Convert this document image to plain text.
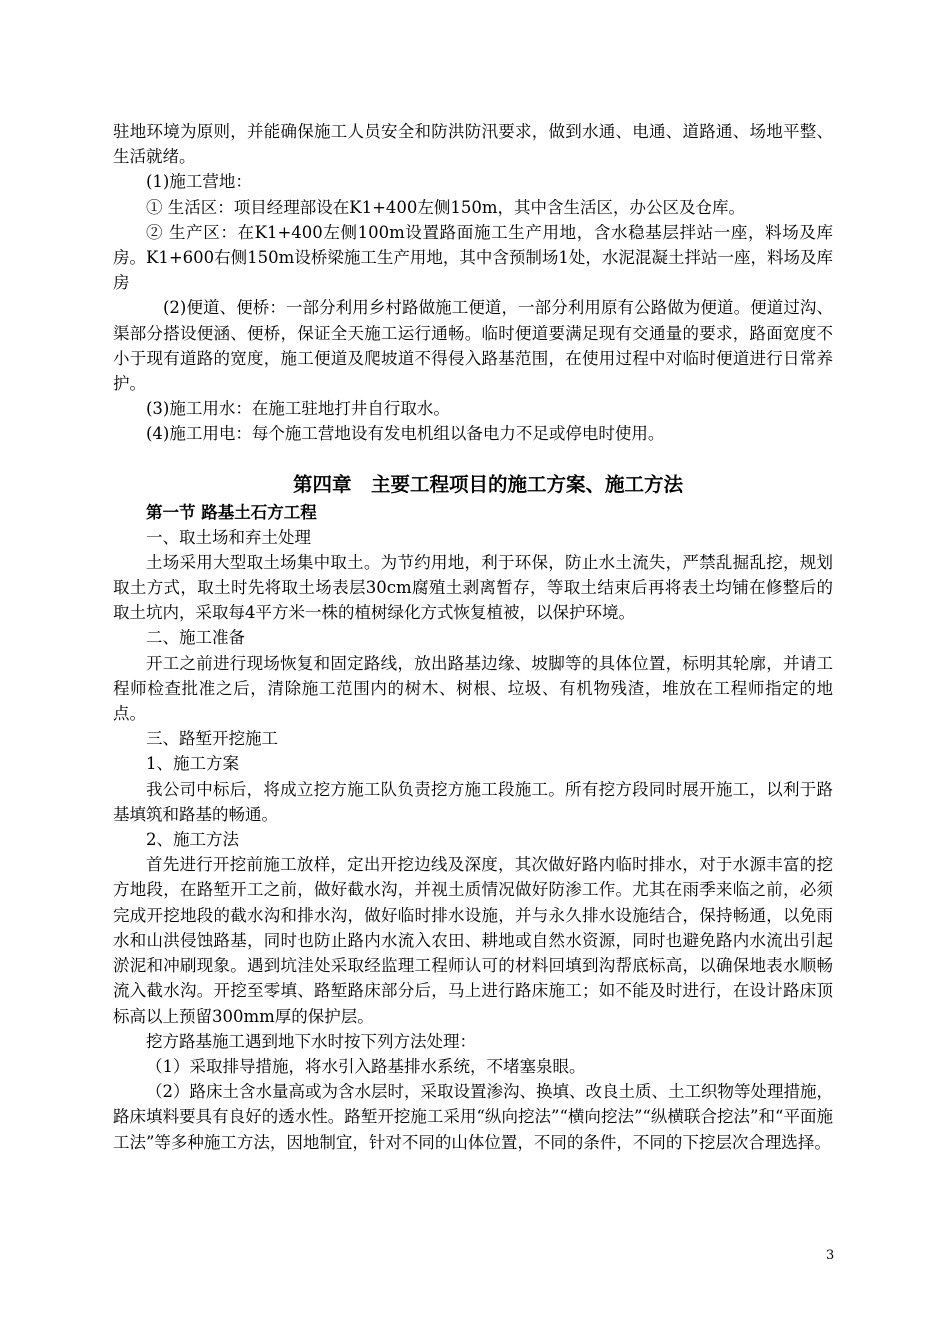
驻地环境为原则，并能确保施工人员安全和防洪防汛要求，做到水通、电通、道路通、场地平整、生活就绪。

(1)施工营地：

① 生活区：项目经理部设在K1+400左侧150m，其中含生活区，办公区及仓库。

② 生产区：在K1+400左侧100m设置路面施工生产用地，含水稳基层拌站一座，料场及库房。K1+600右侧150m设桥梁施工生产用地，其中含预制场1处，水泥混凝土拌站一座，料场及库房

(2)便道、便桥：一部分利用乡村路做施工便道，一部分利用原有公路做为便道。便道过沟、渠部分搭设便涵、便桥，保证全天施工运行通畅。临时便道要满足现有交通量的要求，路面宽度不小于现有道路的宽度，施工便道及爬坡道不得侵入路基范围，在使用过程中对临时便道进行日常养护。

(3)施工用水：在施工驻地打井自行取水。

(4)施工用电：每个施工营地设有发电机组以备电力不足或停电时使用。

第四章　主要工程项目的施工方案、施工方法
第一节 路基土石方工程

一、取土场和弃土处理

土场采用大型取土场集中取土。为节约用地，利于环保，防止水土流失，严禁乱掘乱挖，规划取土方式，取土时先将取土场表层30cm腐殖土剥离暂存，等取土结束后再将表土均铺在修整后的取土坑内，采取每4平方米一株的植树绿化方式恢复植被，以保护环境。

二、施工准备

开工之前进行现场恢复和固定路线，放出路基边缘、坡脚等的具体位置，标明其轮廓，并请工程师检查批准之后，清除施工范围内的树木、树根、垃圾、有机物残渣，堆放在工程师指定的地点。

三、路堑开挖施工

1、施工方案

我公司中标后，将成立挖方施工队负责挖方施工段施工。所有挖方段同时展开施工，以利于路基填筑和路基的畅通。

2、施工方法

首先进行开挖前施工放样，定出开挖边线及深度，其次做好路内临时排水，对于水源丰富的挖方地段，在路堑开工之前，做好截水沟，并视土质情况做好防渗工作。尤其在雨季来临之前，必须完成开挖地段的截水沟和排水沟，做好临时排水设施，并与永久排水设施结合，保持畅通，以免雨水和山洪侵蚀路基，同时也防止路内水流入农田、耕地或自然水资源，同时也避免路内水流出引起淤泥和冲刷现象。遇到坑洼处采取经监理工程师认可的材料回填到沟帮底标高，以确保地表水顺畅流入截水沟。开挖至零填、路堑路床部分后，马上进行路床施工；如不能及时进行，在设计路床顶标高以上预留300mm厚的保护层。

挖方路基施工遇到地下水时按下列方法处理：

（1）采取排导措施，将水引入路基排水系统，不堵塞泉眼。

（2）路床土含水量高或为含水层时，采取设置渗沟、换填、改良土质、土工织物等处理措施，路床填料要具有良好的透水性。路堑开挖施工采用“纵向挖法”“横向挖法”“纵横联合挖法”和“平面施工法”等多种施工方法，因地制宜，针对不同的山体位置，不同的条件，不同的下挖层次合理选择。

3
